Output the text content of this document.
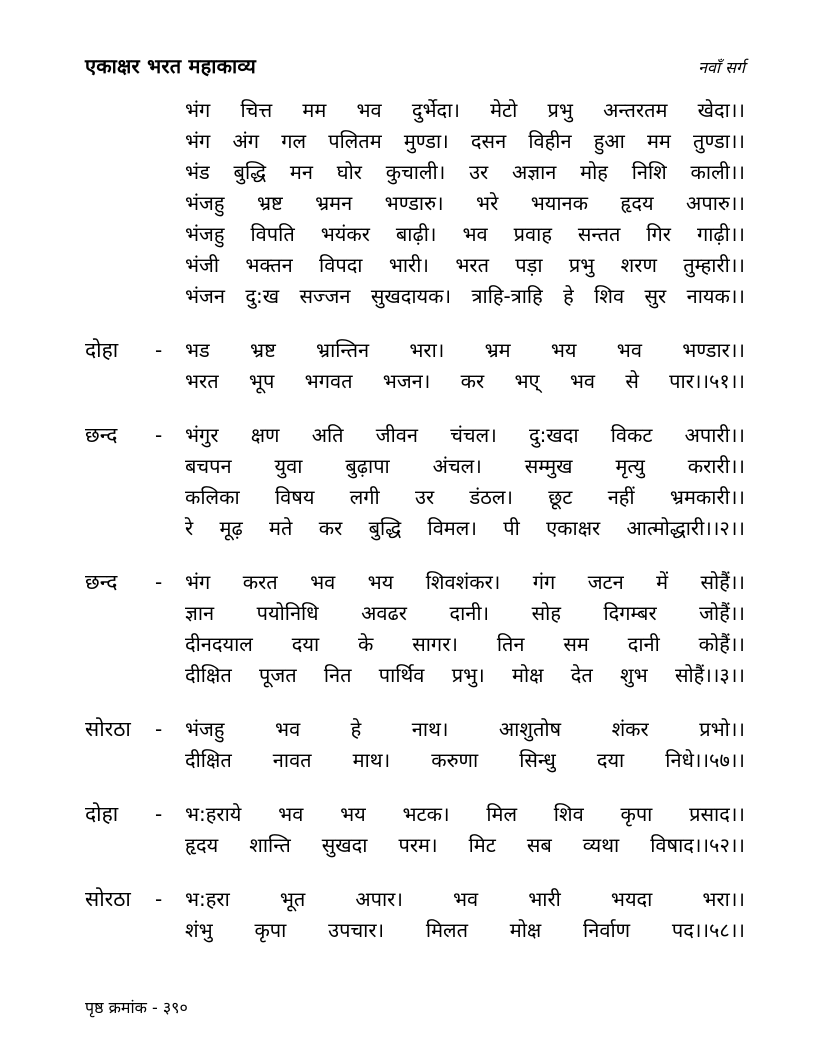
एकाक्षर भरत महाकाव्य	नवाँ सर्ग
भंग चित्त मम भव दुर्भेदा। मेटो प्रभु अन्तरतम खेदा।।
भंग अंग गल पलितम मुण्डा। दसन विहीन हुआ मम तुण्डा।।
भंड बुद्धि मन घोर कुचाली। उर अज्ञान मोह निशि काली।।
भंजहु भ्रष्ट भ्रमन भण्डारु। भरे भयानक हृदय अपारु।।
भंजहु विपति भयंकर बाढ़ी। भव प्रवाह सन्तत गिर गाढ़ी।।
भंजी भक्तन विपदा भारी। भरत पड़ा प्रभु शरण तुम्हारी।।
भंजन दु:ख सज्जन सुखदायक। त्राहि-त्राहि हे शिव सुर नायक।।
दोहा	-	भड भ्रष्ट भ्रान्तिन भरा। भ्रम भय भव भण्डार।।
भरत भूप भगवत भजन। कर भए् भव से पार।।५१।।
छन्द	-	भंगुर क्षण अति जीवन चंचल। दु:खदा विकट अपारी।।
बचपन युवा बुढ़ापा अंचल। सम्मुख मृत्यु करारी।।
कलिका विषय लगी उर डंठल। छूट नहीं भ्रमकारी।।
रे मूढ़ मते कर बुद्धि विमल। पी एकाक्षर आत्मोद्धारी।।२।।
छन्द	-	भंग करत भव भय शिवशंकर। गंग जटन में सोहैं।।
ज्ञान पयोनिधि अवढर दानी। सोह दिगम्बर जोहैं।।
दीनदयाल दया के सागर। तिन सम दानी कोहैं।।
दीक्षित पूजत नित पार्थिव प्रभु। मोक्ष देत शुभ सोहैं।।३।।
सोरठा	-	भंजहु भव हे नाथ। आशुतोष शंकर प्रभो।।
दीक्षित नावत माथ। करुणा सिन्धु दया निधे।।५७।।
दोहा	-	भ:हराये भव भय भटक। मिल शिव कृपा प्रसाद।।
हृदय शान्ति सुखदा परम। मिट सब व्यथा विषाद।।५२।।
सोरठा	-	भ:हरा भूत अपार। भव भारी भयदा भरा।।
शंभु कृपा उपचार। मिलत मोक्ष निर्वाण पद।।५८।।
पृष्ठ क्रमांक - ३९०
